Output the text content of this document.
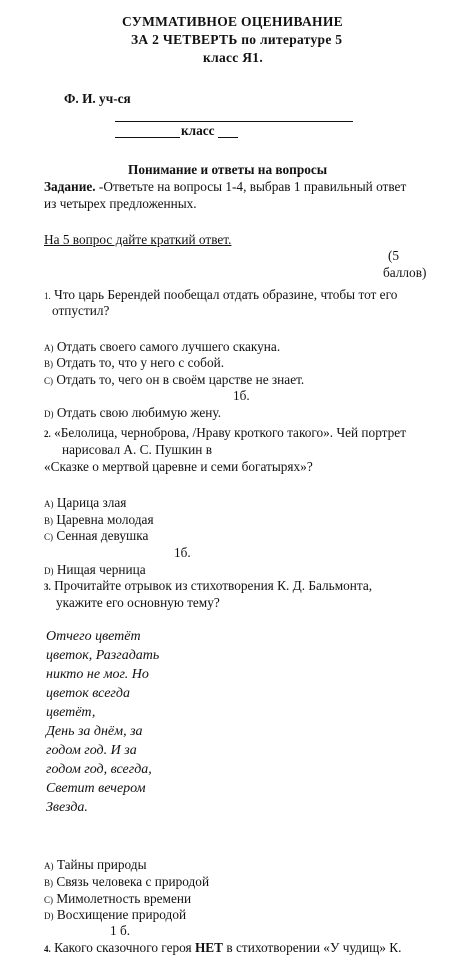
СУММАТИВНОЕ ОЦЕНИВАНИЕ
ЗА 2 ЧЕТВЕРТЬ по литературе 5
класс Я1.
Ф. И. уч-ся
класс
Понимание и ответы на вопросы
Задание. -Ответьте на вопросы 1-4, выбрав 1 правильный ответ
из четырех предложенных.
На 5 вопрос дайте краткий ответ.
(5
баллов)
1. Что царь Берендей пообещал отдать образине, чтобы тот его
отпустил?
A) Отдать своего самого лучшего скакуна.
B) Отдать то, что у него с собой.
C) Отдать то, чего он в своём царстве не знает.
1б.
D) Отдать свою любимую жену.
2. «Белолица, черноброва, /Нраву кроткого такого». Чей портрет
нарисовал А. С. Пушкин в
«Сказке о мертвой царевне и семи богатырях»?
A) Царица злая
B) Царевна молодая
C) Сенная девушка
1б.
D) Нищая черница
3. Прочитайте отрывок из стихотворения К. Д. Бальмонта,
укажите его основную тему?
Отчего цветёт
цветок, Разгадать
никто не мог. Но
цветок всегда
цветёт,
День за днём, за
годом год. И за
годом год, всегда,
Светит вечером
Звезда.
A) Тайны природы
B) Связь человека с природой
C) Мимолетность времени
D) Восхищение природой
1 б.
4. Какого сказочного героя НЕТ в стихотворении «У чудищ» К.
